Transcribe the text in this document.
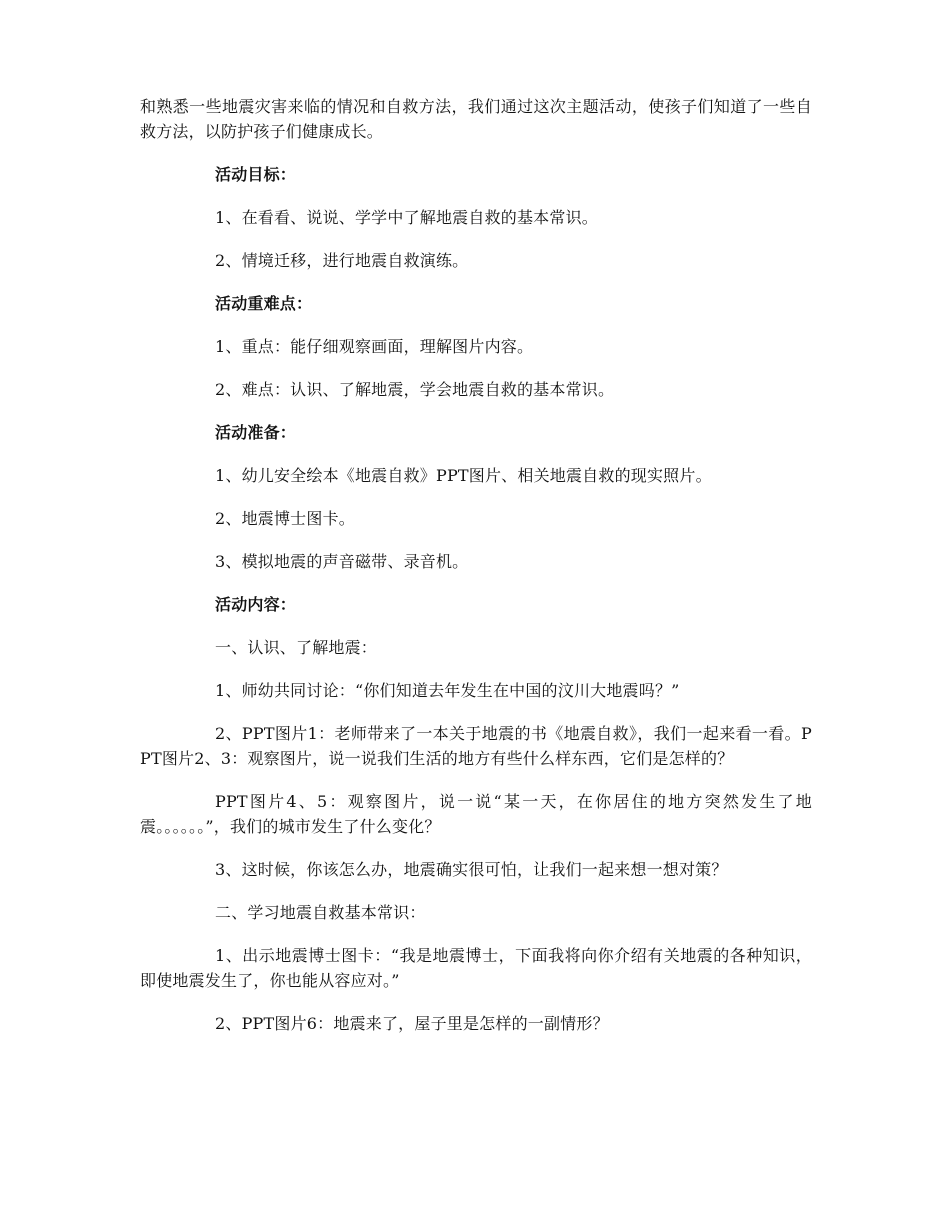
和熟悉一些地震灾害来临的情况和自救方法，我们通过这次主题活动，使孩子们知道了一些自救方法，以防护孩子们健康成长。

活动目标：

1、在看看、说说、学学中了解地震自救的基本常识。

2、情境迁移，进行地震自救演练。

活动重难点：

1、重点：能仔细观察画面，理解图片内容。

2、难点：认识、了解地震，学会地震自救的基本常识。

活动准备：

1、幼儿安全绘本《地震自救》PPT图片、相关地震自救的现实照片。

2、地震博士图卡。

3、模拟地震的声音磁带、录音机。

活动内容：

一、认识、了解地震：

1、师幼共同讨论：“你们知道去年发生在中国的汶川大地震吗？”

2、PPT图片1：老师带来了一本关于地震的书《地震自救》，我们一起来看一看。PPT图片2、3：观察图片，说一说我们生活的地方有些什么样东西，它们是怎样的？

PPT图片4、5：观察图片，说一说“某一天，在你居住的地方突然发生了地震。。。。。。”，我们的城市发生了什么变化？

3、这时候，你该怎么办，地震确实很可怕，让我们一起来想一想对策？

二、学习地震自救基本常识：

1、出示地震博士图卡：“我是地震博士，下面我将向你介绍有关地震的各种知识，即使地震发生了，你也能从容应对。”

2、PPT图片6：地震来了，屋子里是怎样的一副情形？
